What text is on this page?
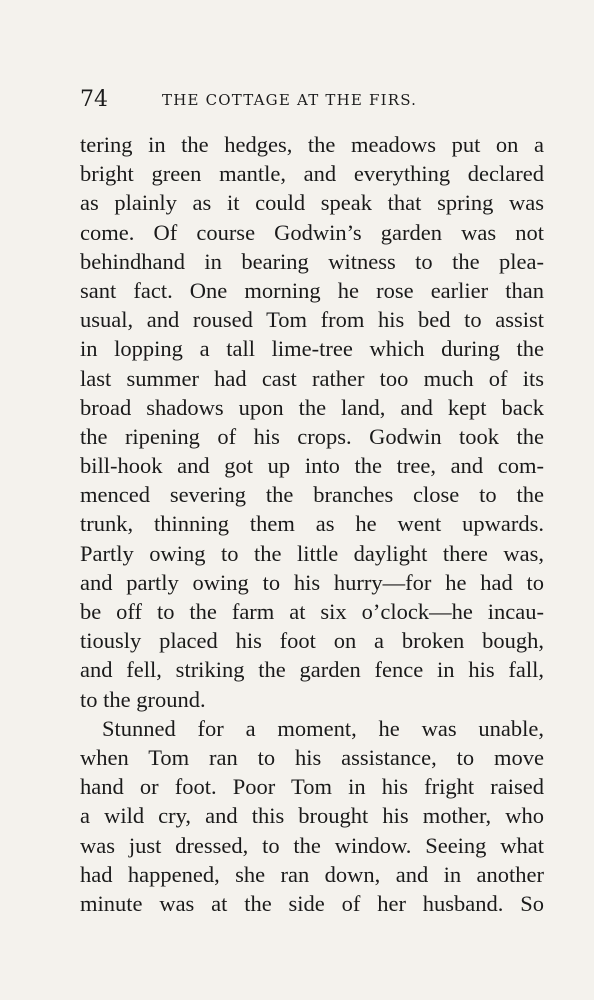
74	THE COTTAGE AT THE FIRS.
tering in the hedges, the meadows put on a
bright green mantle, and everything declared
as plainly as it could speak that spring was
come. Of course Godwin’s garden was not
behindhand in bearing witness to the plea-
sant fact. One morning he rose earlier than
usual, and roused Tom from his bed to assist
in lopping a tall lime-tree which during the
last summer had cast rather too much of its
broad shadows upon the land, and kept back
the ripening of his crops. Godwin took the
bill-hook and got up into the tree, and com-
menced severing the branches close to the
trunk, thinning them as he went upwards.
Partly owing to the little daylight there was,
and partly owing to his hurry—for he had to
be off to the farm at six o’clock—he incau-
tiously placed his foot on a broken bough,
and fell, striking the garden fence in his fall,
to the ground.
Stunned for a moment, he was unable,
when Tom ran to his assistance, to move
hand or foot. Poor Tom in his fright raised
a wild cry, and this brought his mother, who
was just dressed, to the window. Seeing what
had happened, she ran down, and in another
minute was at the side of her husband. So
